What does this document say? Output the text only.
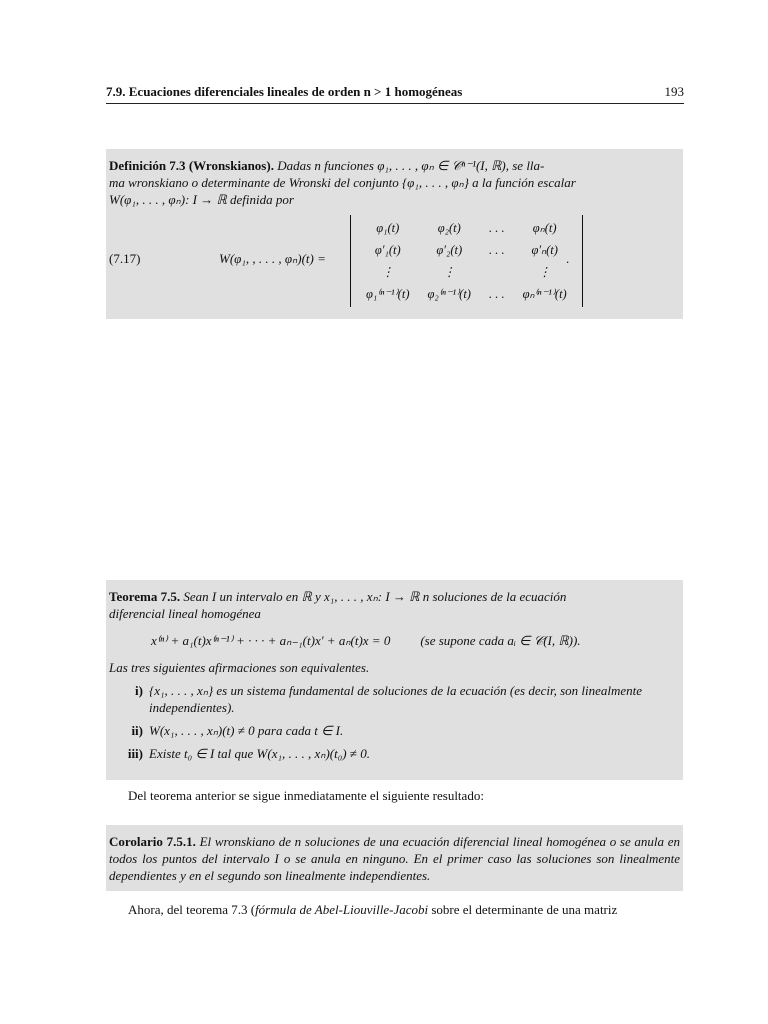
7.9. Ecuaciones diferenciales lineales de orden n > 1 homogéneas	193
Definición 7.3 (Wronskianos). Dadas n funciones φ₁, . . . , φₙ ∈ 𝒞ⁿ⁻¹(I, ℝ), se lla-
ma wronskiano o determinante de Wronski del conjunto {φ₁, . . . , φₙ} a la función escalar
W(φ₁, . . . , φₙ): I → ℝ definida por
(7.17)	W(φ₁, , . . . , φₙ)(t) =
φ₁(t)	φ₂(t)	. . .	φₙ(t)
φ′₁(t)	φ′₂(t)	. . .	φ′ₙ(t)
⋮	⋮		⋮
φ₁⁽ⁿ⁻¹⁾(t)	φ₂⁽ⁿ⁻¹⁾(t)	. . .	φₙ⁽ⁿ⁻¹⁾(t)
.
Teorema 7.5. Sean I un intervalo en ℝ y x₁, . . . , xₙ: I → ℝ n soluciones de la ecuación
diferencial lineal homogénea
x⁽ⁿ⁾ + a₁(t)x⁽ⁿ⁻¹⁾ + · · · + aₙ₋₁(t)x′ + aₙ(t)x = 0 (se supone cada aᵢ ∈ 𝒞(I, ℝ)).
Las tres siguientes afirmaciones son equivalentes.
i) {x₁, . . . , xₙ} es un sistema fundamental de soluciones de la ecuación (es decir, son linealmente independientes).
ii) W(x₁, . . . , xₙ)(t) ≠ 0 para cada t ∈ I.
iii) Existe t₀ ∈ I tal que W(x₁, . . . , xₙ)(t₀) ≠ 0.
Del teorema anterior se sigue inmediatamente el siguiente resultado:
Corolario 7.5.1. El wronskiano de n soluciones de una ecuación diferencial lineal homogénea o se anula en todos los puntos del intervalo I o se anula en ninguno. En el primer caso las soluciones son linealmente dependientes y en el segundo son linealmente independientes.
Ahora, del teorema 7.3 (fórmula de Abel-Liouville-Jacobi sobre el determinante de una matriz
